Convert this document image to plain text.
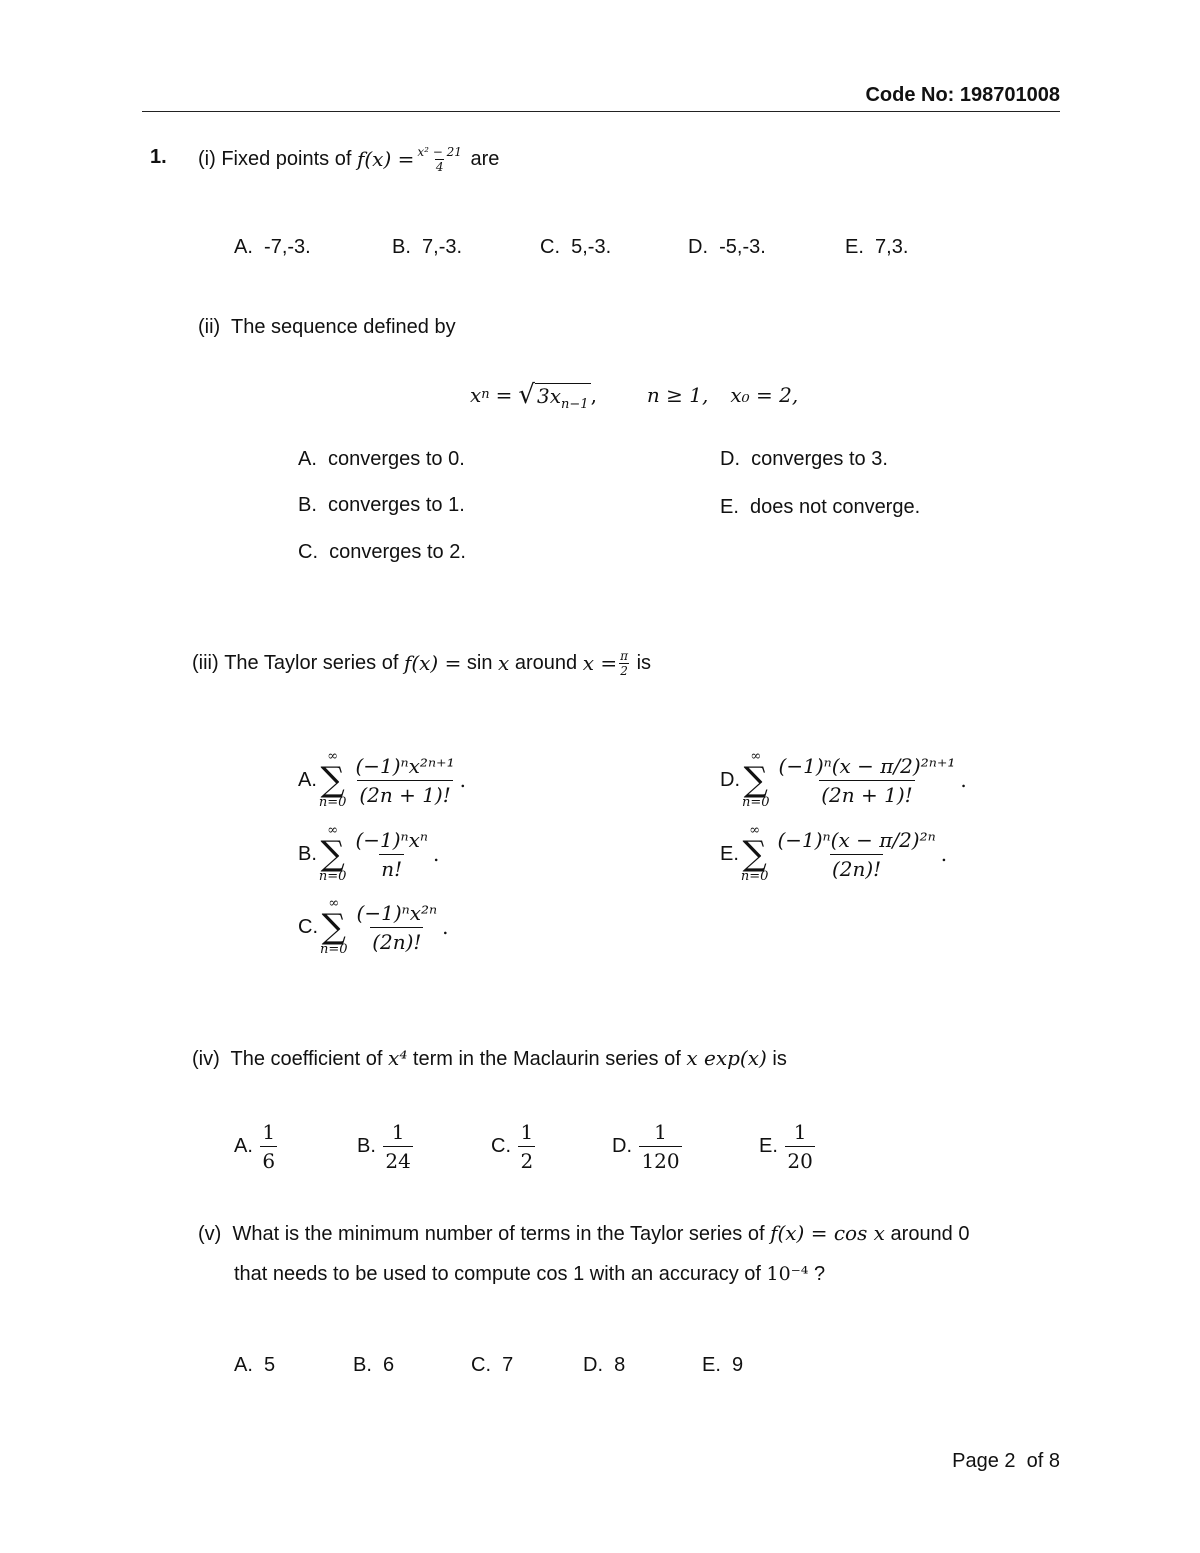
Code No: 198701008
1. (i)
Fixed points of
$f(x) = \frac{\text{x² − 21}}{4}$
are
A. -7,-3.	B. 7,-3.	C. 5,-3.	D. -5,-3.	E. 7,3.
(ii) The sequence defined by
x n = √ $3x_{n-1}$ ,	n ≥ 1, x₀ = 2,
A. converges to 0.
B. converges to 1.
C. converges to 2.
D. converges to 3.
E. does not converge.
(iii)
The Taylor series of
f(x) =
sin
x
around
$x = \frac{\pi}{2}$
is
A.
∞
∑
$n=0 \frac{\text{(−1)ⁿx²ⁿ⁺¹}}{(2n + 1)!}$ .
B.
∞
∑
$n=0 \frac{\text{(−1)ⁿxⁿ}}{n!}$ .
C.
∞
∑
$n=0 \frac{\text{(−1)ⁿx²ⁿ}}{(2n)!}$ .
D.
∞
∑
$n=0 \frac{\text{(−1)ⁿ(x − π/2)²ⁿ⁺¹}}{(2n + 1)!}$ .
E.
∞
∑
$n=0 \frac{\text{(−1)ⁿ(x − π/2)²ⁿ}}{(2n)!}$ .
(iv) The coefficient of x⁴ term in the Maclaurin series of x exp(x) is
A.
$\frac{1}{6}$	B.
$\frac{1}{24}$	C.
$\frac{1}{2}$	D.
$\frac{1}{120}$	E.
$\frac{1}{20}$
(v) What is the minimum number of terms in the Taylor series of f(x) = cos x around 0
that needs to be used to compute cos 1 with an accuracy of 10⁻⁴ ?
A. 5	B. 6	C. 7	D. 8	E. 9
Page 2 of 8
